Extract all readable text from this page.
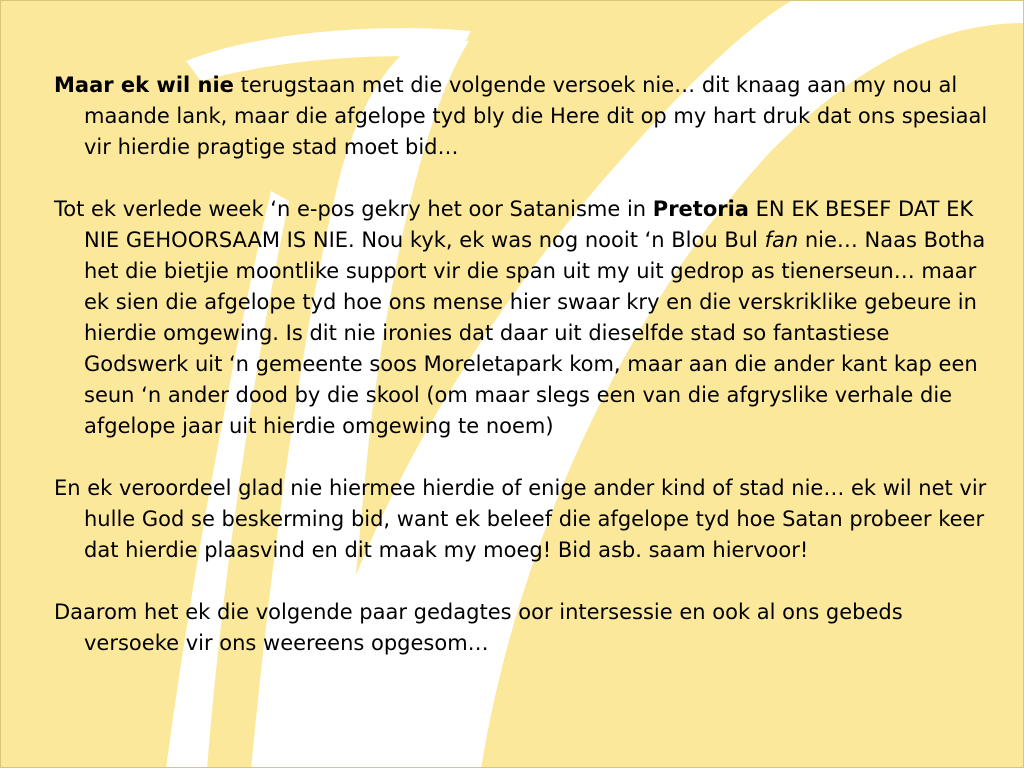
Maar ek wil nie terugstaan met die volgende versoek nie… dit knaag aan my nou al maande lank, maar die afgelope tyd bly die Here dit op my hart druk dat ons spesiaal vir hierdie pragtige stad moet bid…

Tot ek verlede week ‘n e-pos gekry het oor Satanisme in Pretoria EN EK BESEF DAT EK NIE GEHOORSAAM IS NIE. Nou kyk, ek was nog nooit ‘n Blou Bul fan nie… Naas Botha het die bietjie moontlike support vir die span uit my uit gedrop as tienerseun… maar ek sien die afgelope tyd hoe ons mense hier swaar kry en die verskriklike gebeure in hierdie omgewing. Is dit nie ironies dat daar uit dieselfde stad so fantastiese Godswerk uit ‘n gemeente soos Moreletapark kom, maar aan die ander kant kap een seun ‘n ander dood by die skool (om maar slegs een van die afgryslike verhale die afgelope jaar uit hierdie omgewing te noem)

En ek veroordeel glad nie hiermee hierdie of enige ander kind of stad nie… ek wil net vir hulle God se beskerming bid, want ek beleef die afgelope tyd hoe Satan probeer keer dat hierdie plaasvind en dit maak my moeg! Bid asb. saam hiervoor!

Daarom het ek die volgende paar gedagtes oor intersessie en ook al ons gebeds versoeke vir ons weereens opgesom…
